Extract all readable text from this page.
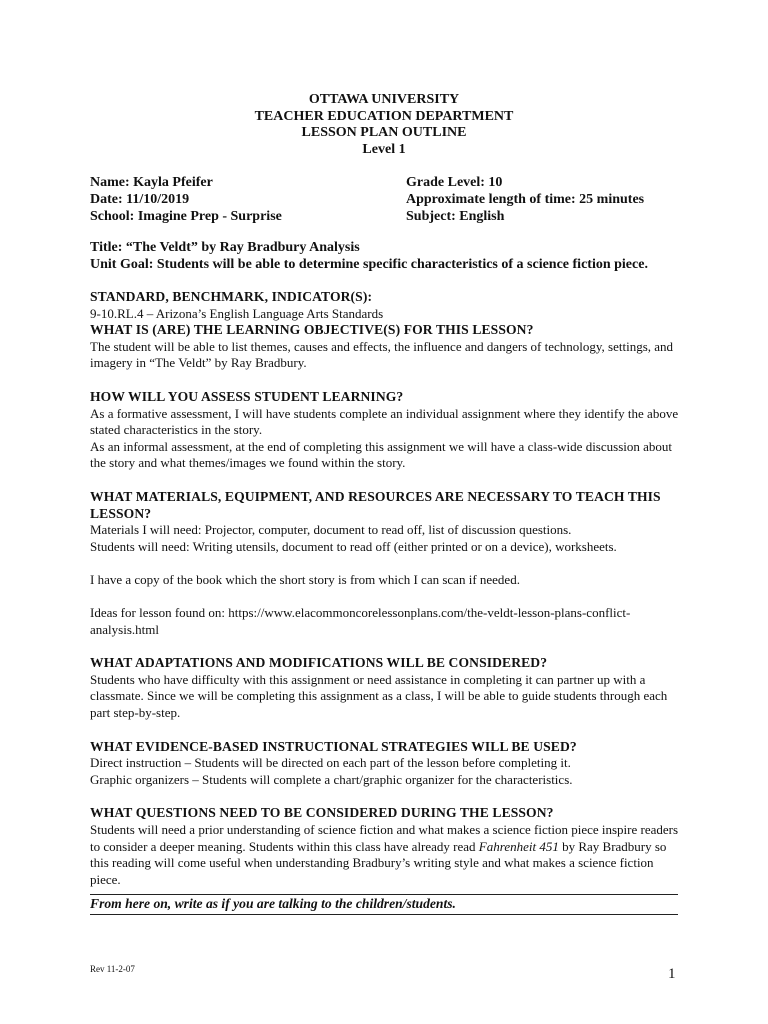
OTTAWA UNIVERSITY
TEACHER EDUCATION DEPARTMENT
LESSON PLAN OUTLINE
Level 1
Name: Kayla Pfeifer	Grade Level: 10
Date: 11/10/2019	Approximate length of time: 25 minutes
School: Imagine Prep - Surprise	Subject: English
Title: “The Veldt” by Ray Bradbury Analysis
Unit Goal: Students will be able to determine specific characteristics of a science fiction piece.
STANDARD, BENCHMARK, INDICATOR(S):

9-10.RL.4 – Arizona’s English Language Arts Standards

WHAT IS (ARE) THE LEARNING OBJECTIVE(S) FOR THIS LESSON?

The student will be able to list themes, causes and effects, the influence and dangers of technology, settings, and imagery in “The Veldt” by Ray Bradbury.

HOW WILL YOU ASSESS STUDENT LEARNING?

As a formative assessment, I will have students complete an individual assignment where they identify the above stated characteristics in the story.

As an informal assessment, at the end of completing this assignment we will have a class-wide discussion about the story and what themes/images we found within the story.

WHAT MATERIALS, EQUIPMENT, AND RESOURCES ARE NECESSARY TO TEACH THIS LESSON?

Materials I will need: Projector, computer, document to read off, list of discussion questions.

Students will need: Writing utensils, document to read off (either printed or on a device), worksheets.

I have a copy of the book which the short story is from which I can scan if needed.

Ideas for lesson found on: https://www.elacommoncorelessonplans.com/the-veldt-lesson-plans-conflict-analysis.html

WHAT ADAPTATIONS AND MODIFICATIONS WILL BE CONSIDERED?

Students who have difficulty with this assignment or need assistance in completing it can partner up with a classmate. Since we will be completing this assignment as a class, I will be able to guide students through each part step-by-step.

WHAT EVIDENCE-BASED INSTRUCTIONAL STRATEGIES WILL BE USED?

Direct instruction – Students will be directed on each part of the lesson before completing it.

Graphic organizers – Students will complete a chart/graphic organizer for the characteristics.

WHAT QUESTIONS NEED TO BE CONSIDERED DURING THE LESSON?

Students will need a prior understanding of science fiction and what makes a science fiction piece inspire readers to consider a deeper meaning. Students within this class have already read Fahrenheit 451 by Ray Bradbury so this reading will come useful when understanding Bradbury’s writing style and what makes a science fiction piece.

From here on, write as if you are talking to the children/students.
Rev 11-2-07	1
